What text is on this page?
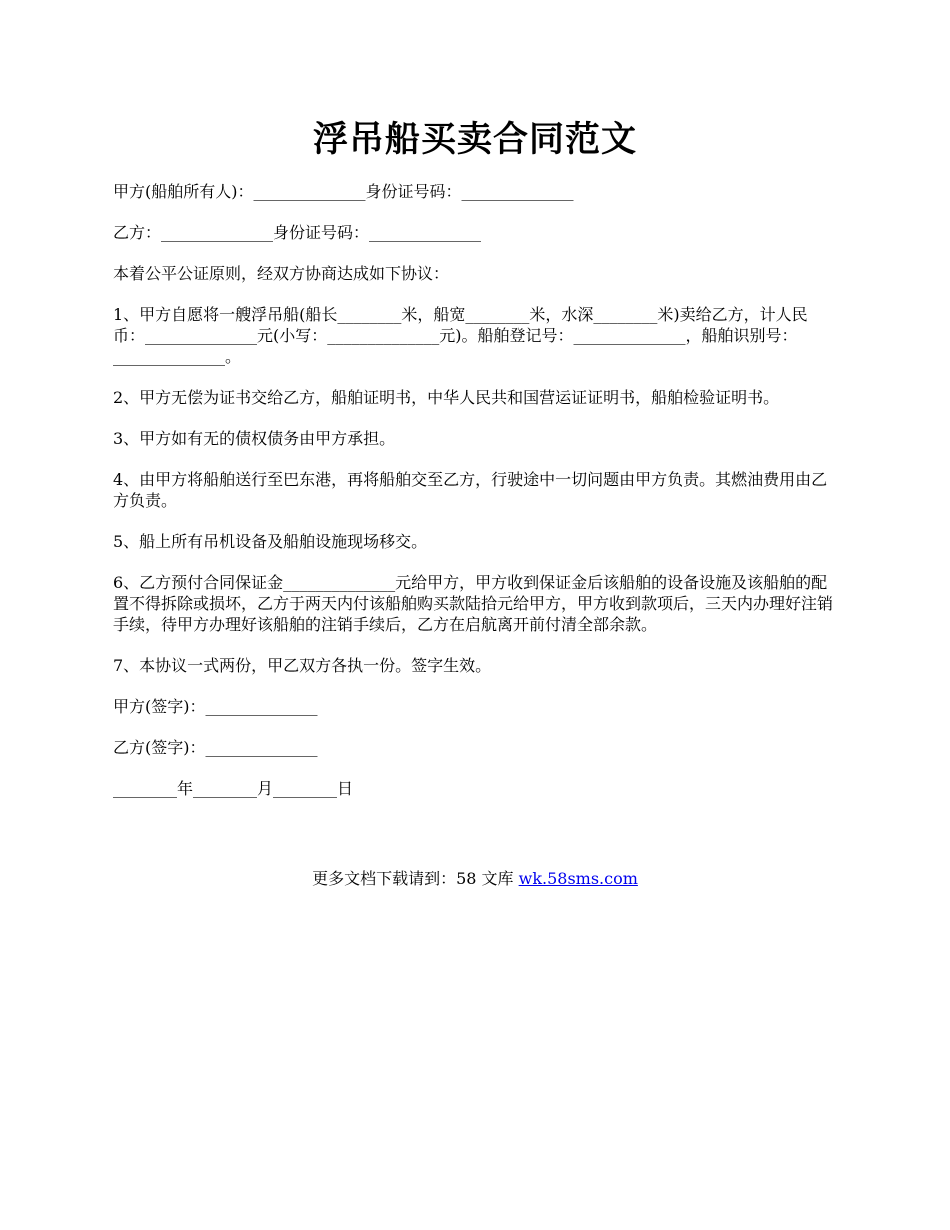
浮吊船买卖合同范文

甲方(船舶所有人)：______________身份证号码：______________

乙方：______________身份证号码：______________

本着公平公证原则，经双方协商达成如下协议：

1、甲方自愿将一艘浮吊船(船长________米，船宽________米，水深________米)卖给乙方，计人民币：______________元(小写：______________元)。船舶登记号：______________，船舶识别号：______________。

2、甲方无偿为证书交给乙方，船舶证明书，中华人民共和国营运证证明书，船舶检验证明书。

3、甲方如有无的债权债务由甲方承担。

4、由甲方将船舶送行至巴东港，再将船舶交至乙方，行驶途中一切问题由甲方负责。其燃油费用由乙方负责。

5、船上所有吊机设备及船舶设施现场移交。

6、乙方预付合同保证金______________元给甲方，甲方收到保证金后该船舶的设备设施及该船舶的配置不得拆除或损坏，乙方于两天内付该船舶购买款陆拾元给甲方，甲方收到款项后，三天内办理好注销手续，待甲方办理好该船舶的注销手续后，乙方在启航离开前付清全部余款。

7、本协议一式两份，甲乙双方各执一份。签字生效。

甲方(签字)：______________

乙方(签字)：______________

________年________月________日

更多文档下载请到：58 文库 wk.58sms.com
